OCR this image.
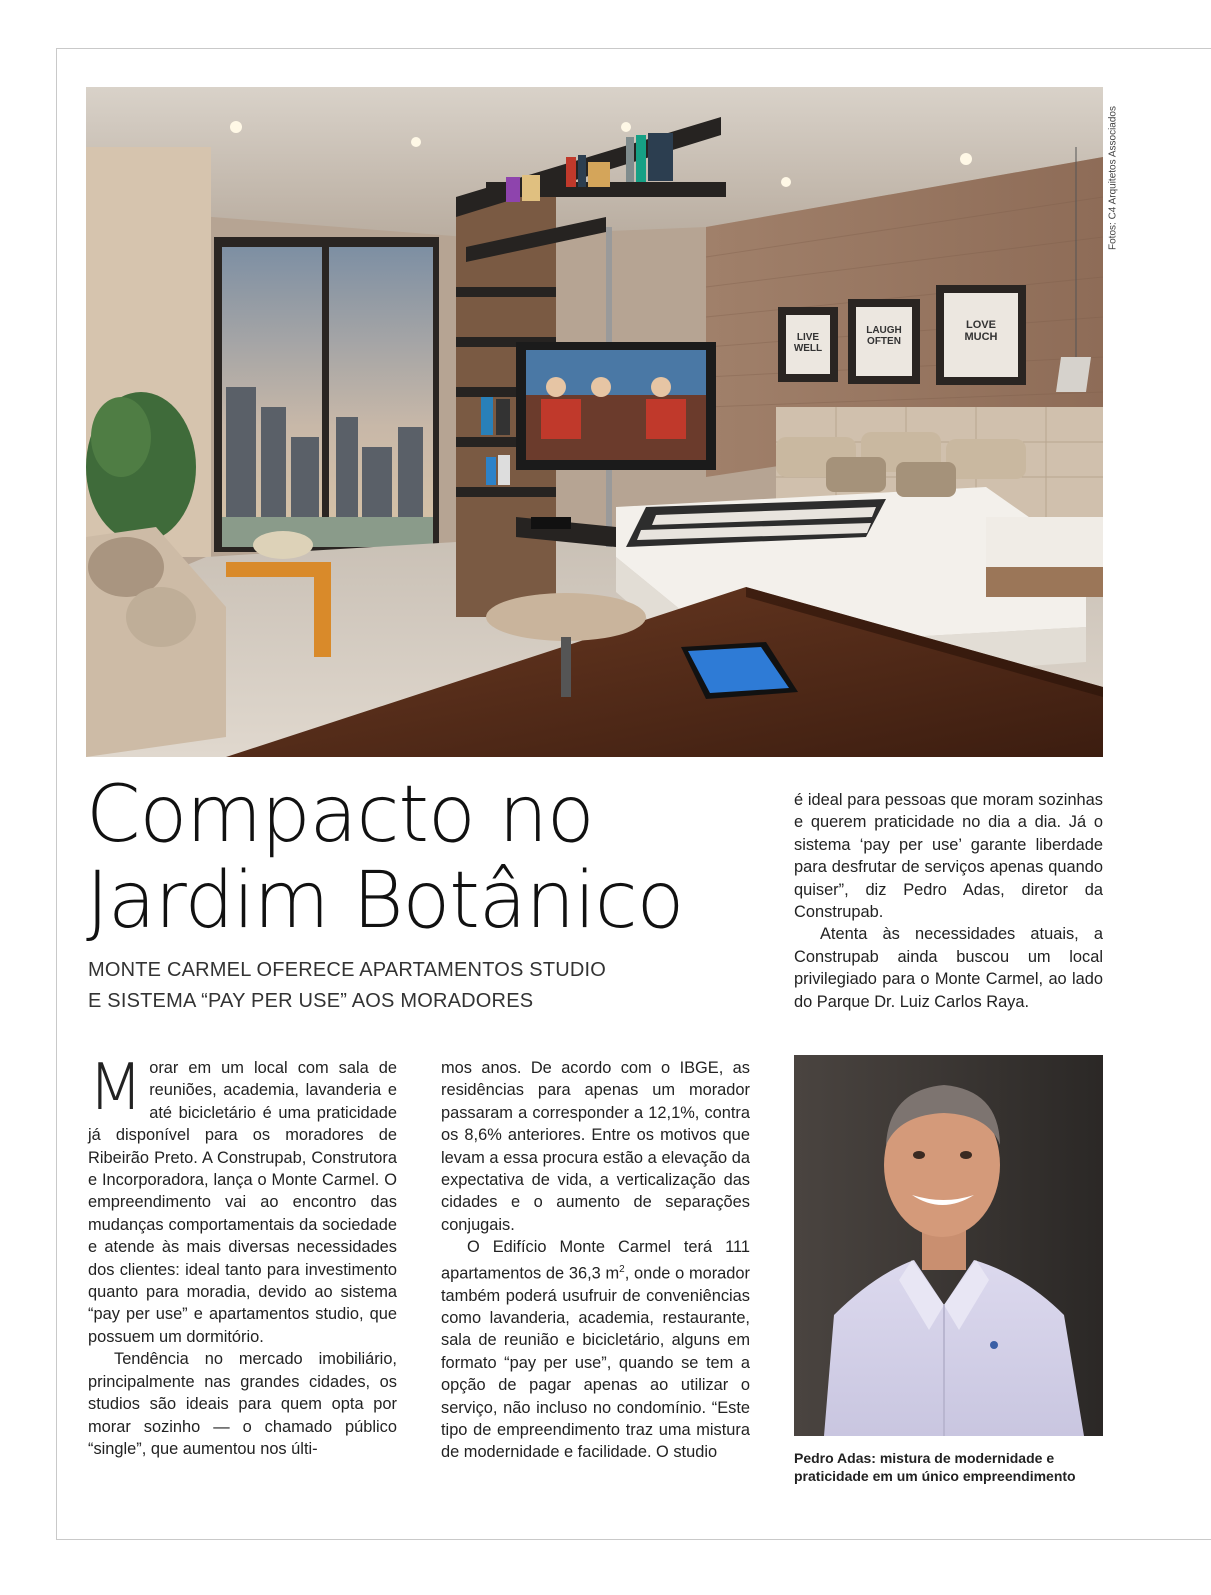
LIVE
WELL
LAUGH
OFTEN
LOVE
MUCH
Fotos: C4 Arquitetos Associados
Compacto no
Jardim Botânico

MONTE CARMEL OFERECE APARTAMENTOS STUDIO
E SISTEMA “PAY PER USE” AOS MORADORES

Morar em um local com sala de reuniões, academia, lavanderia e até bicicletário é uma praticidade já disponível para os moradores de Ribeirão Preto. A Construpab, Construtora e Incorporadora, lança o Monte Carmel. O empreendimento vai ao encontro das mudanças comportamentais da sociedade e atende às mais diversas necessidades dos clientes: ideal tanto para investimento quanto para moradia, devido ao sistema “pay per use” e apartamentos studio, que possuem um dormitório.

Tendência no mercado imobiliário, principalmente nas grandes cidades, os studios são ideais para quem opta por morar sozinho — o chamado público “single”, que aumentou nos últi-

mos anos. De acordo com o IBGE, as residências para apenas um morador passaram a corresponder a 12,1%, contra os 8,6% anteriores. Entre os motivos que levam a essa procura estão a elevação da expectativa de vida, a verticalização das cidades e o aumento de separações conjugais.

O Edifício Monte Carmel terá 111 apartamentos de 36,3 $m^2$, onde o morador também poderá usufruir de conveniências como lavanderia, academia, restaurante, sala de reunião e bicicletário, alguns em formato “pay per use”, quando se tem a opção de pagar apenas ao utilizar o serviço, não incluso no condomínio. “Este tipo de empreendimento traz uma mistura de modernidade e facilidade. O studio

é ideal para pessoas que moram sozinhas e querem praticidade no dia a dia. Já o sistema ‘pay per use’ garante liberdade para desfrutar de serviços apenas quando quiser”, diz Pedro Adas, diretor da Construpab.

Atenta às necessidades atuais, a Construpab ainda buscou um local privilegiado para o Monte Carmel, ao lado do Parque Dr. Luiz Carlos Raya.

Pedro Adas: mistura de modernidade e
praticidade em um único empreendimento
